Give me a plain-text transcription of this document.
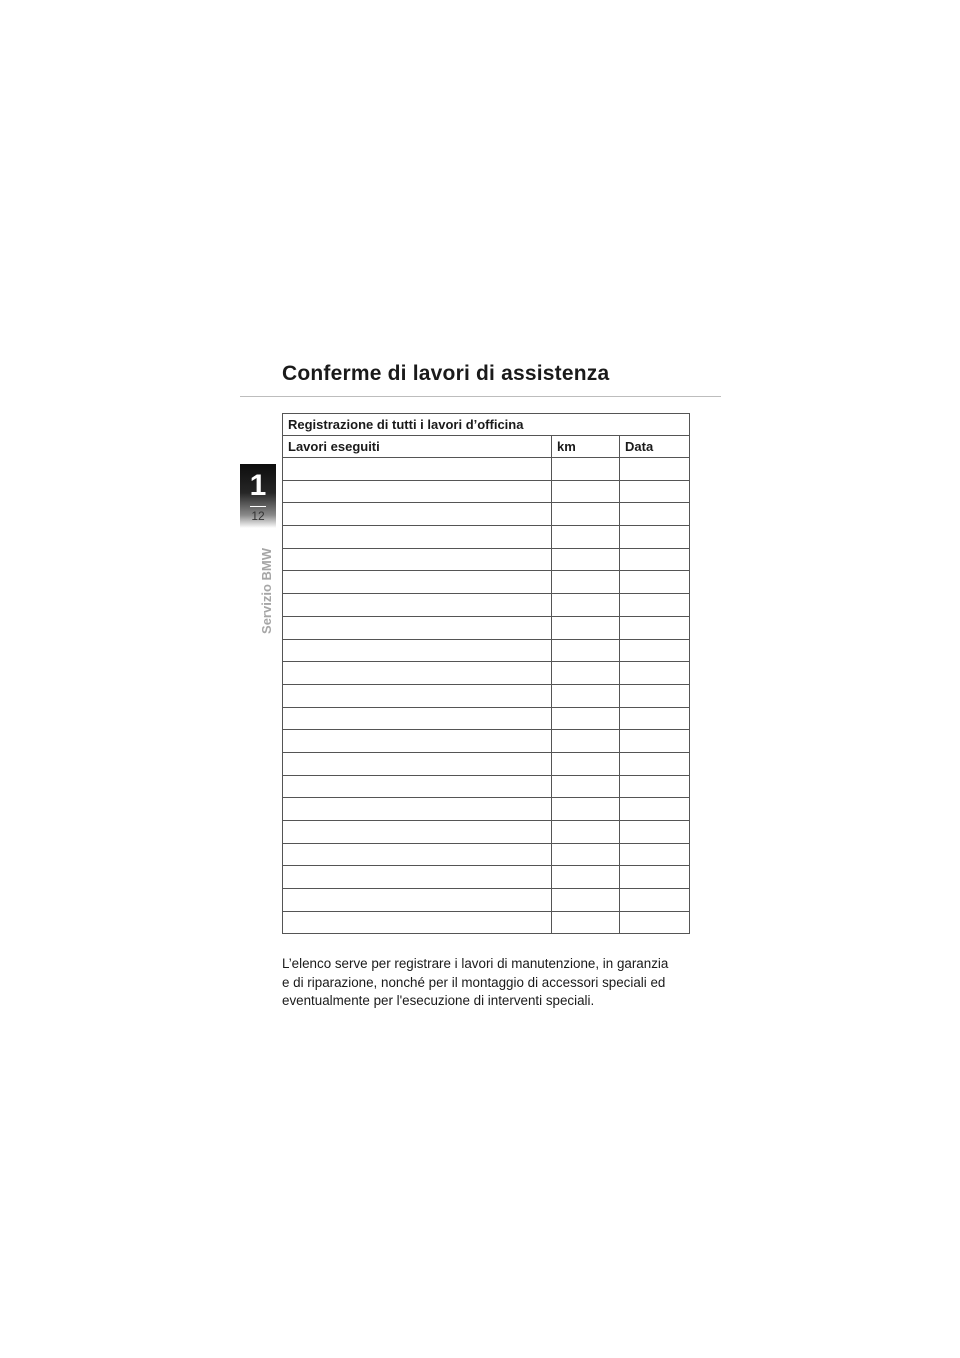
Conferme di lavori di assistenza
1
12
Servizio BMW
Registrazione di tutti i lavori d’officina		
Lavori eseguiti	km	Data

L’elenco serve per registrare i lavori di manutenzione, in garanzia
e di riparazione, nonché per il montaggio di accessori speciali ed
eventualmente per l'esecuzione di interventi speciali.
